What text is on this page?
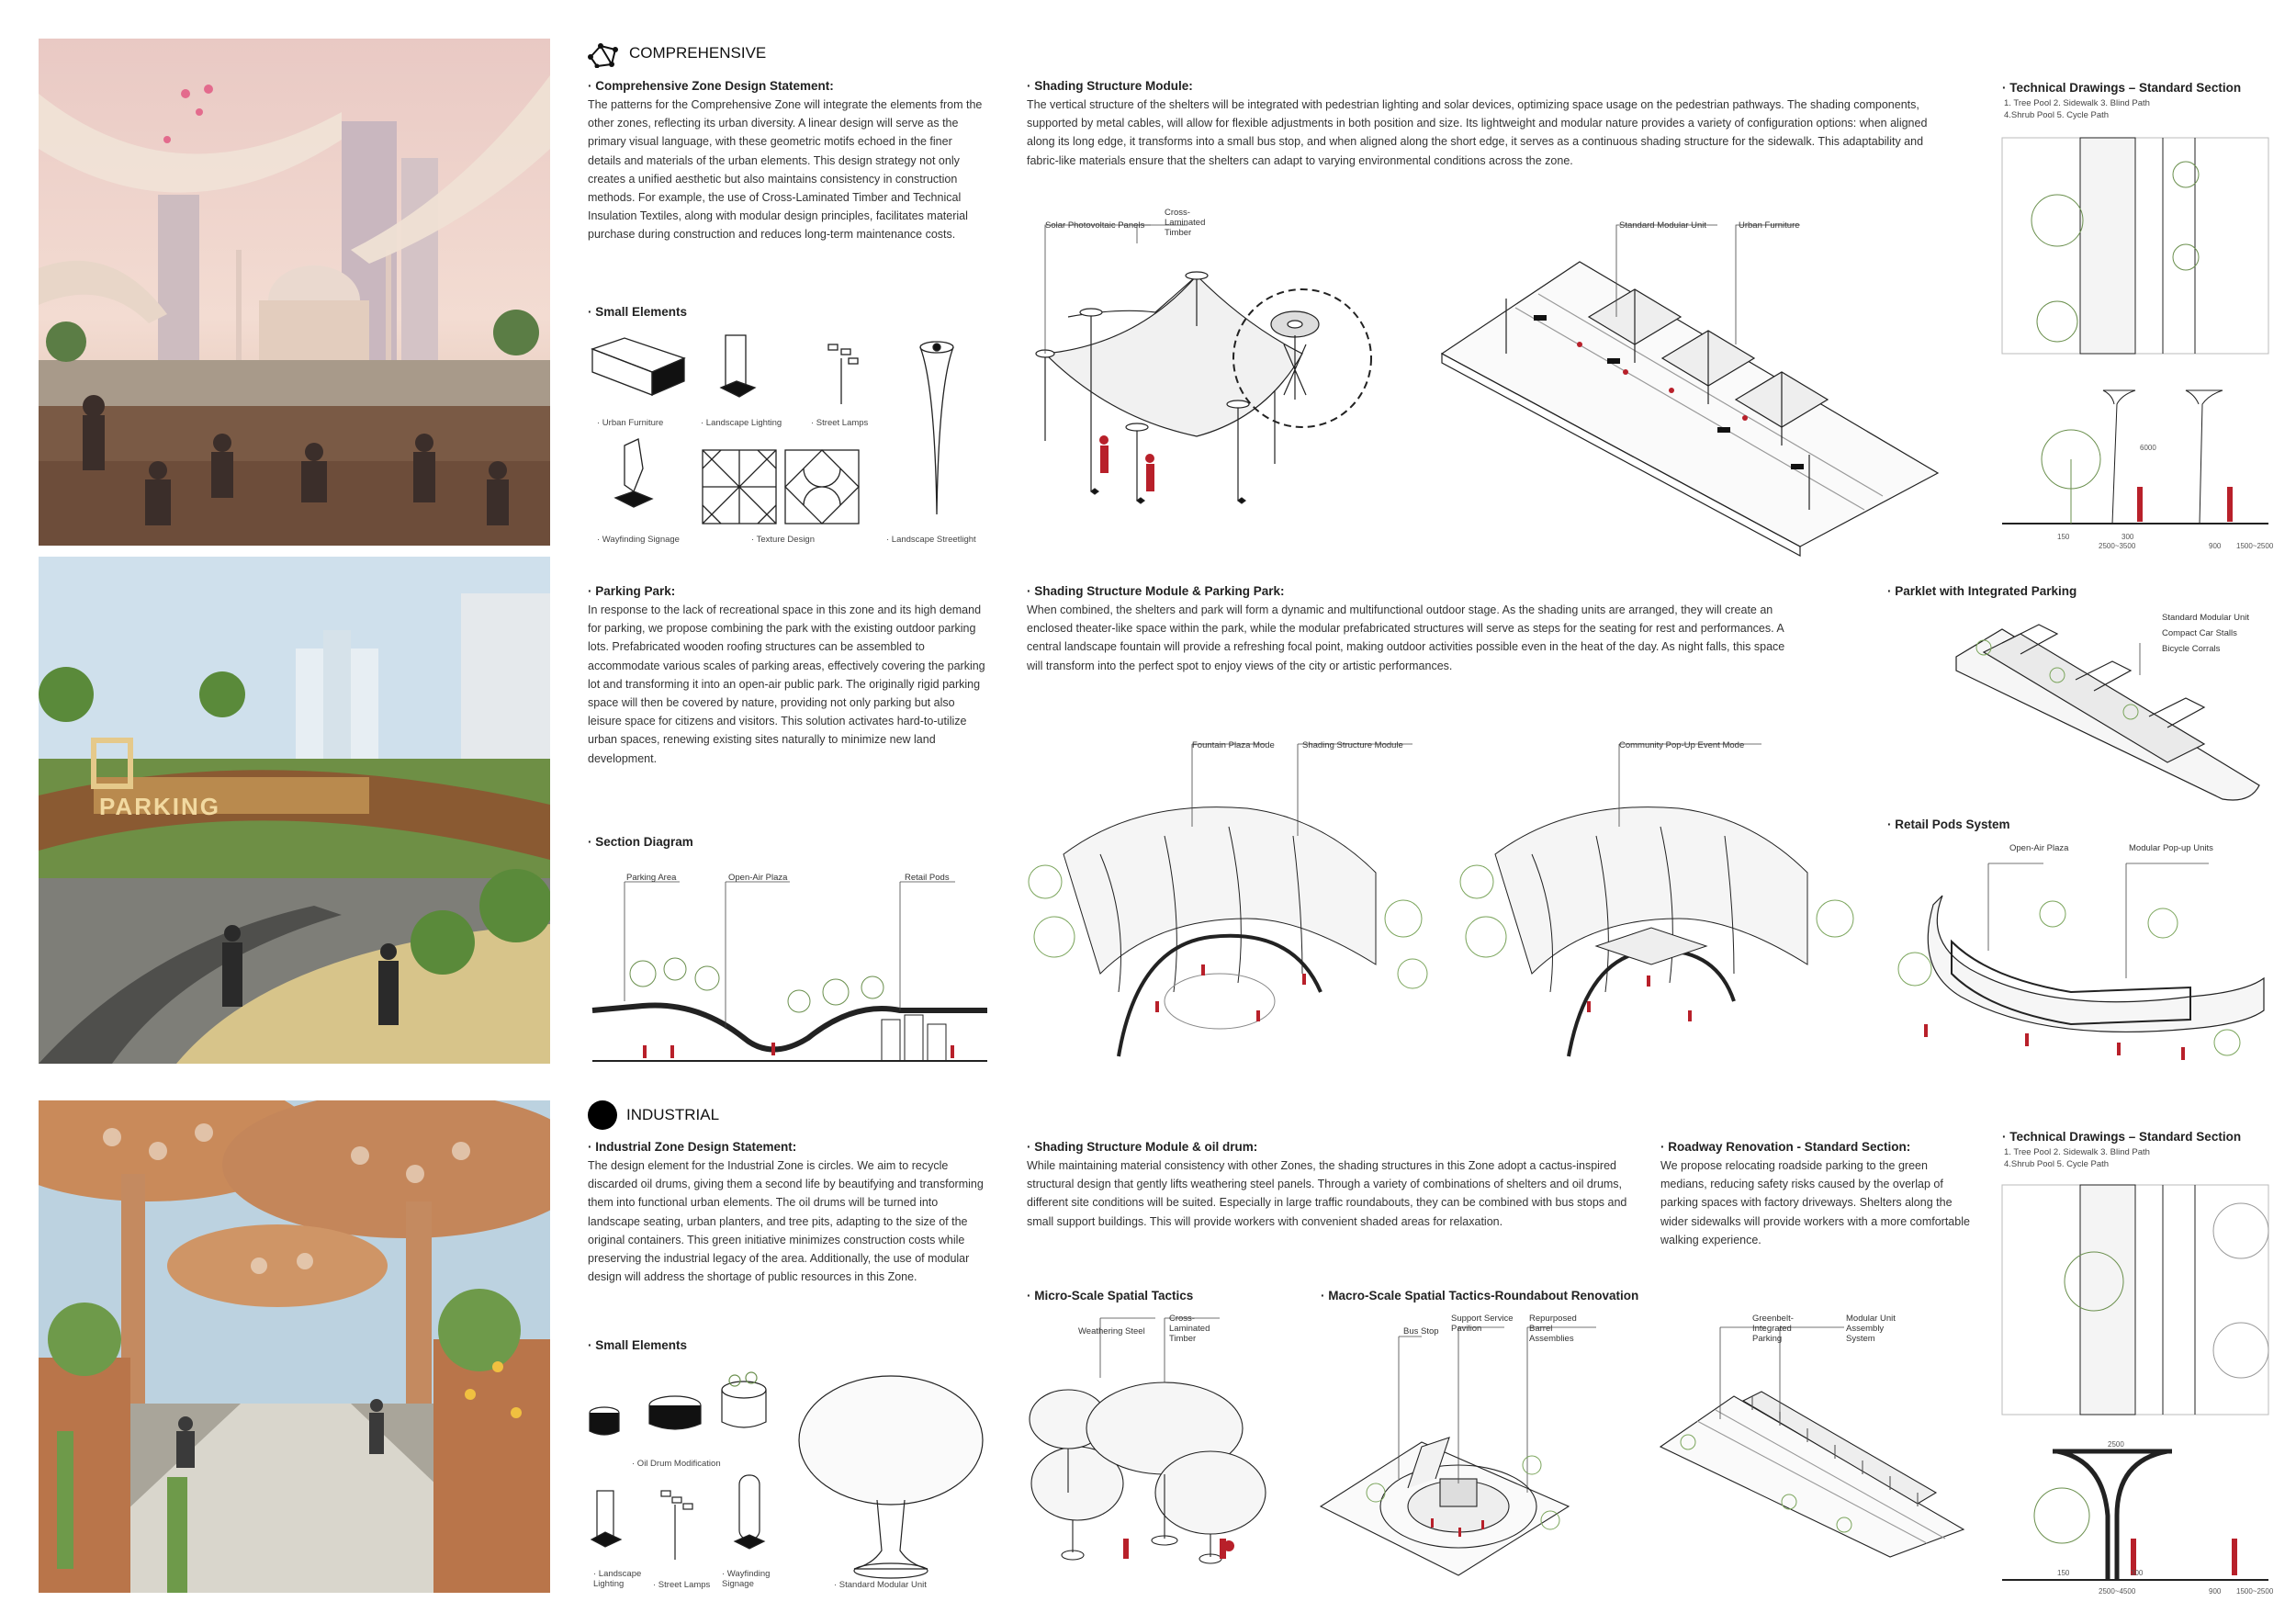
COMPREHENSIVE
· Comprehensive Zone Design Statement:
The patterns for the Comprehensive Zone will integrate the elements from the other zones, reflecting its urban diversity. A linear design will serve as the primary visual language, with these geometric motifs echoed in the finer details and materials of the urban elements. This design strategy not only creates a unified aesthetic but also maintains consistency in construction methods. For example, the use of Cross-Laminated Timber and Technical Insulation Textiles, along with modular design principles, facilitates material purchase during construction and reduces long-term maintenance costs.
· Small Elements
· Urban Furniture	· Landscape Lighting	· Street Lamps
· Wayfinding Signage	· Texture Design	· Landscape Streetlight
· Shading Structure Module:
The vertical structure of the shelters will be integrated with pedestrian lighting and solar devices, optimizing space usage on the pedestrian pathways. The shading components, supported by metal cables, will allow for flexible adjustments in both position and size. Its lightweight and modular nature provides a variety of configuration options: when aligned along its long edge, it transforms into a small bus stop, and when aligned along the short edge, it serves as a continuous shading structure for the sidewalk. This adaptability and fabric-like materials ensure that the shelters can adapt to varying environmental conditions across the zone.
Solar Photovoltaic Panels
Cross-Laminated Timber
Standard Modular Unit	Urban Furniture
· Technical Drawings – Standard Section
1. Tree Pool 2. Sidewalk 3. Blind Path
4.Shrub Pool 5. Cycle Path
150	300
2500~3500	900 1500~2500
6000
PARKING
· Parking Park:
In response to the lack of recreational space in this zone and its high demand for parking, we propose combining the park with the existing outdoor parking lots. Prefabricated wooden roofing structures can be assembled to accommodate various scales of parking areas, effectively covering the parking lot and transforming it into an open-air public park. The originally rigid parking space will then be covered by nature, providing not only parking but also leisure space for citizens and visitors. This solution activates hard-to-utilize urban spaces, renewing existing sites naturally to minimize new land development.
· Section Diagram
Parking Area	Open-Air Plaza	Retail Pods
· Shading Structure Module & Parking Park:
When combined, the shelters and park will form a dynamic and multifunctional outdoor stage. As the shading units are arranged, they will create an enclosed theater-like space within the park, while the modular prefabricated structures will serve as steps for the seating for rest and performances. A central landscape fountain will provide a refreshing focal point, making outdoor activities possible even in the heat of the day. As night falls, this space will transform into the perfect spot to enjoy views of the city or artistic performances.
Fountain Plaza Mode	Shading Structure Module	Community Pop-Up Event Mode
· Parklet with Integrated Parking
Standard Modular Unit
Compact Car Stalls
Bicycle Corrals
· Retail Pods System
Open-Air Plaza	Modular Pop-up Units
INDUSTRIAL
· Industrial Zone Design Statement:
The design element for the Industrial Zone is circles. We aim to recycle discarded oil drums, giving them a second life by beautifying and transforming them into functional urban elements. The oil drums will be turned into landscape seating, urban planters, and tree pits, adapting to the size of the original containers. This green initiative minimizes construction costs while preserving the industrial legacy of the area. Additionally, the use of modular design will address the shortage of public resources in this Zone.
· Small Elements
· Oil Drum Modification
· Landscape Lighting	· Street Lamps
· Wayfinding Signage	· Standard Modular Unit
· Shading Structure Module & oil drum:
While maintaining material consistency with other Zones, the shading structures in this Zone adopt a cactus-inspired structural design that gently lifts weathering steel panels. Through a variety of combinations of shelters and oil drums, different site conditions will be suited. Especially in large traffic roundabouts, they can be combined with bus stops and small support buildings. This will provide workers with convenient shaded areas for relaxation.
· Roadway Renovation - Standard Section:
We propose relocating roadside parking to the green medians, reducing safety risks caused by the overlap of parking spaces with factory driveways. Shelters along the wider sidewalks will provide workers with a more comfortable walking experience.
· Micro-Scale Spatial Tactics
Weathering Steel
Cross-Laminated Timber
· Macro-Scale Spatial Tactics-Roundabout Renovation
Bus Stop
Support Service Pavilion
Repurposed Barrel Assemblies
Greenbelt-Integrated Parking
Modular Unit Assembly System
· Technical Drawings – Standard Section
1. Tree Pool 2. Sidewalk 3. Blind Path
4.Shrub Pool 5. Cycle Path
150	300
2500~4500	900 1500~2500
2500
